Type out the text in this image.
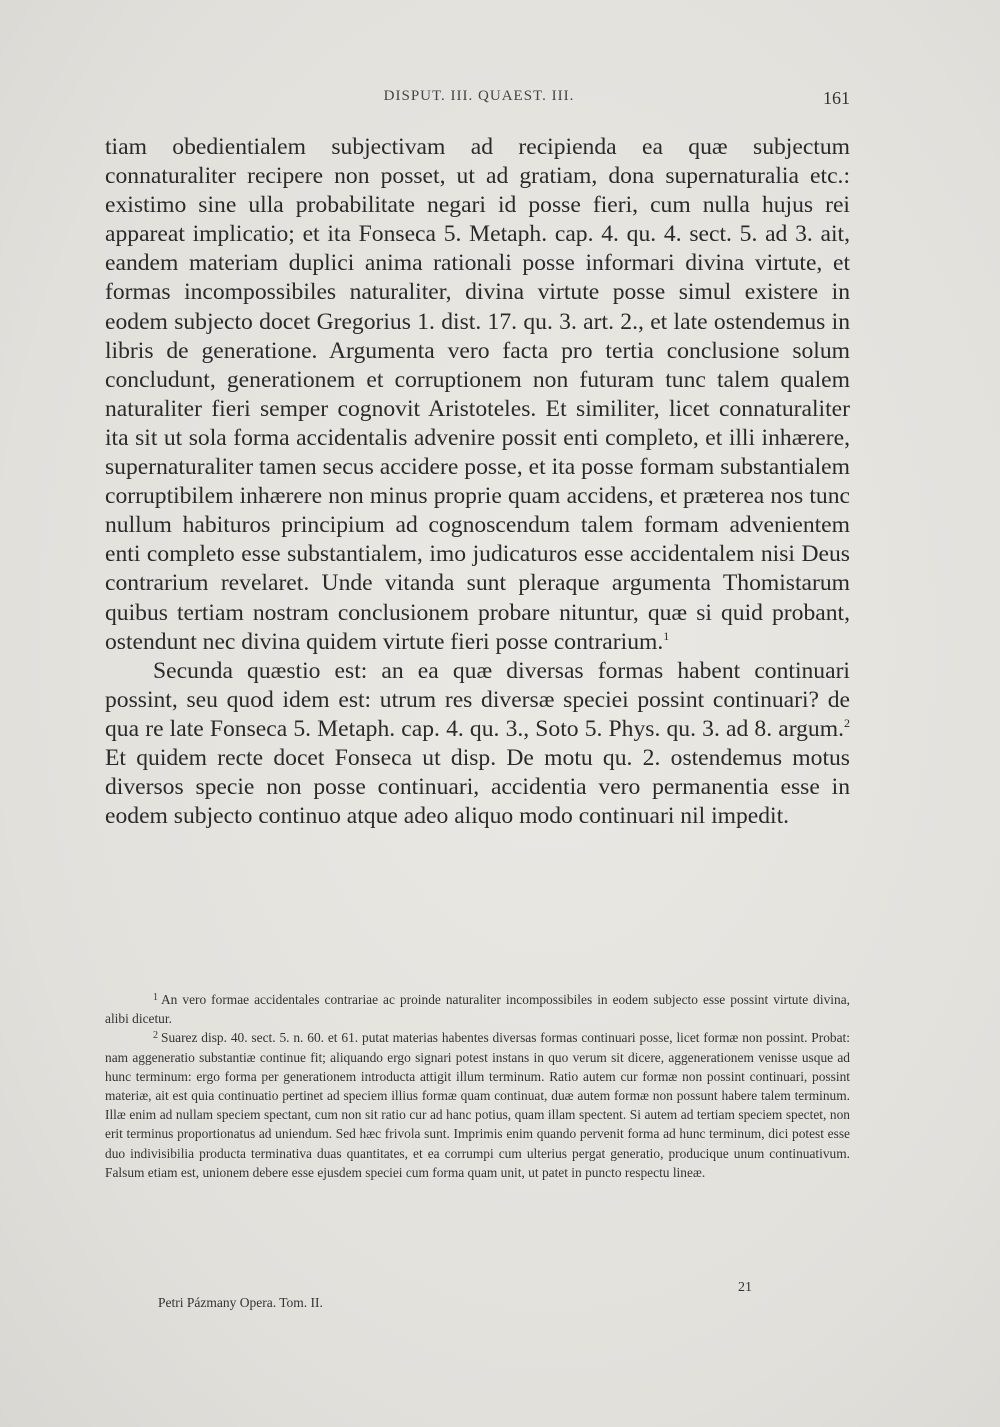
DISPUT. III. QUAEST. III.	161

tiam obedientialem subjectivam ad recipienda ea quæ subjectum connaturaliter recipere non posset, ut ad gratiam, dona supernaturalia etc.: existimo sine ulla probabilitate negari id posse fieri, cum nulla hujus rei appareat implicatio; et ita Fonseca 5. Metaph. cap. 4. qu. 4. sect. 5. ad 3. ait, eandem materiam duplici anima rationali posse informari divina virtute, et formas incompossibiles naturaliter, divina virtute posse simul existere in eodem subjecto docet Gregorius 1. dist. 17. qu. 3. art. 2., et late ostendemus in libris de generatione. Argumenta vero facta pro tertia conclusione solum concludunt, generationem et corruptionem non futuram tunc talem qualem naturaliter fieri semper cognovit Aristoteles. Et similiter, licet connaturaliter ita sit ut sola forma accidentalis advenire possit enti completo, et illi inhærere, supernaturaliter tamen secus accidere posse, et ita posse formam substantialem corruptibilem inhærere non minus proprie quam accidens, et præterea nos tunc nullum habituros principium ad cognoscendum talem formam advenientem enti completo esse substantialem, imo judicaturos esse accidentalem nisi Deus contrarium revelaret. Unde vitanda sunt pleraque argumenta Thomistarum quibus tertiam nostram conclusionem probare nituntur, quæ si quid probant, ostendunt nec divina quidem virtute fieri posse contrarium.$^1$

Secunda quæstio est: an ea quæ diversas formas habent continuari possint, seu quod idem est: utrum res diversæ speciei possint continuari? de qua re late Fonseca 5. Metaph. cap. 4. qu. 3., Soto 5. Phys. qu. 3. ad 8. argum.$^2$ Et quidem recte docet Fonseca ut disp. De motu qu. 2. ostendemus motus diversos specie non posse continuari, accidentia vero permanentia esse in eodem subjecto continuo atque adeo aliquo modo continuari nil impedit.

$^1$ An vero formae accidentales contrariae ac proinde naturaliter incompossibiles in eodem subjecto esse possint virtute divina, alibi dicetur.

$^2$ Suarez disp. 40. sect. 5. n. 60. et 61. putat materias habentes diversas formas continuari posse, licet formæ non possint. Probat: nam aggeneratio substantiæ continue fit; aliquando ergo signari potest instans in quo verum sit dicere, aggenerationem venisse usque ad hunc terminum: ergo forma per generationem introducta attigit illum terminum. Ratio autem cur formæ non possint continuari, possint materiæ, ait est quia continuatio pertinet ad speciem illius formæ quam continuat, duæ autem formæ non possunt habere talem terminum. Illæ enim ad nullam speciem spectant, cum non sit ratio cur ad hanc potius, quam illam spectent. Si autem ad tertiam speciem spectet, non erit terminus proportionatus ad uniendum. Sed hæc frivola sunt. Imprimis enim quando pervenit forma ad hunc terminum, dici potest esse duo indivisibilia producta terminativa duas quantitates, et ea corrumpi cum ulterius pergat generatio, producique unum continuativum. Falsum etiam est, unionem debere esse ejusdem speciei cum forma quam unit, ut patet in puncto respectu lineæ.

21
Petri Pázmany Opera. Tom. II.
